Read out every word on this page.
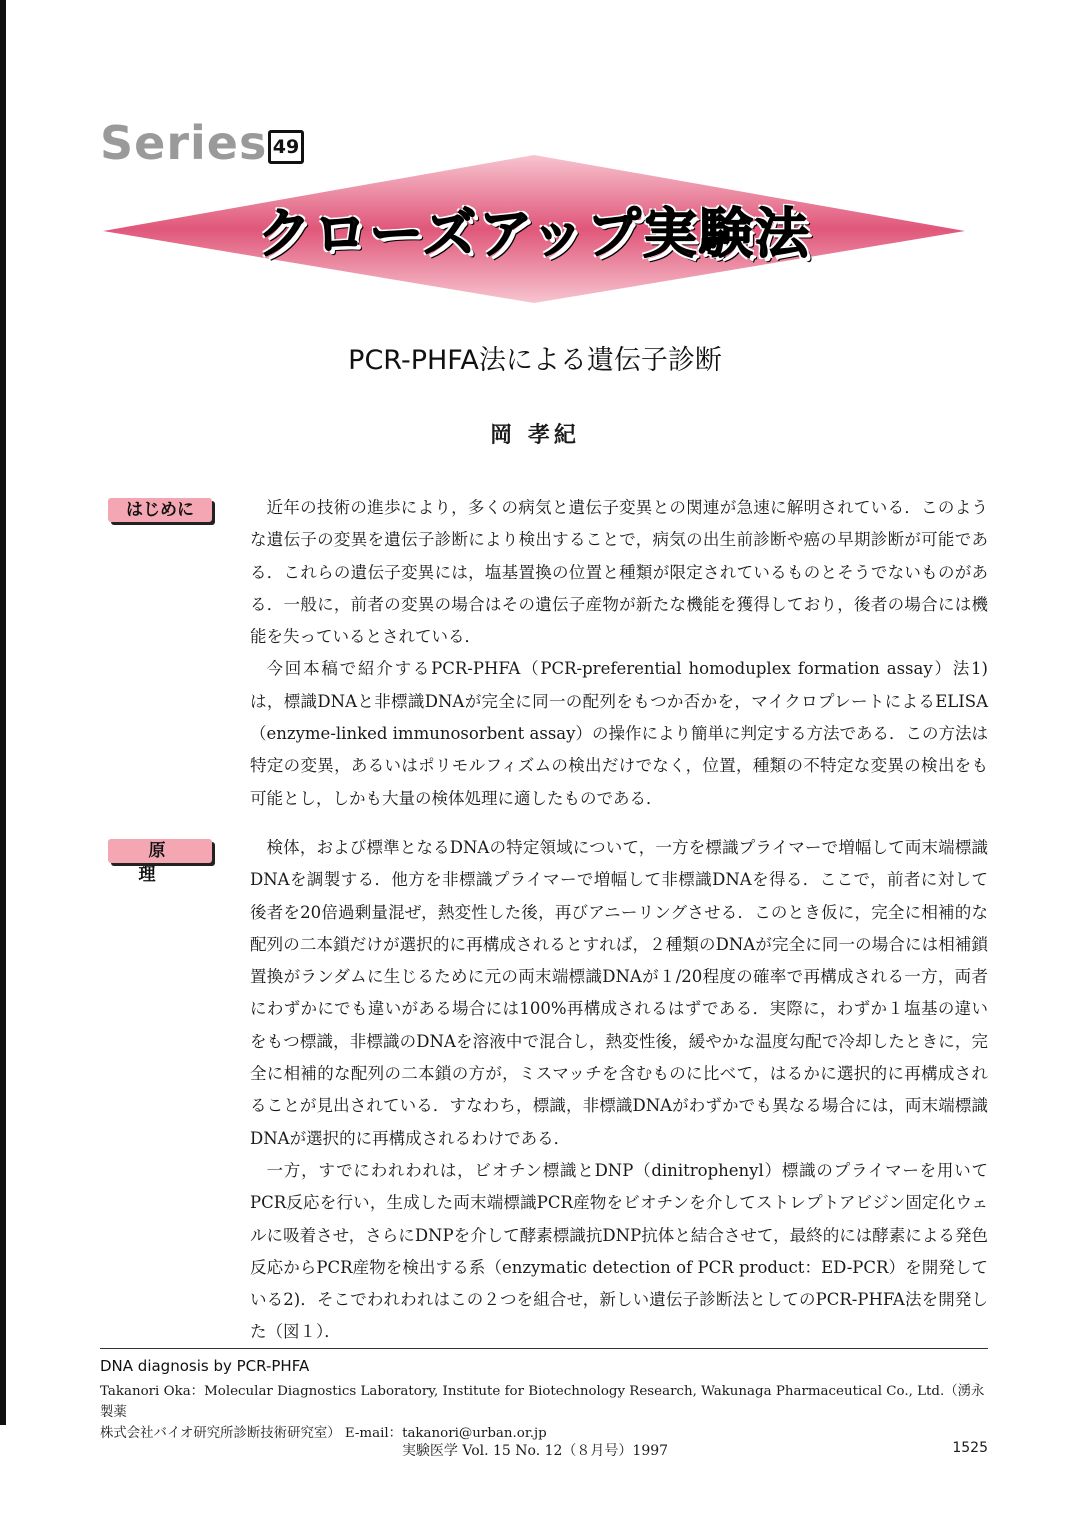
Series 49
クローズアップ実験法
PCR-PHFA法による遺伝子診断
岡 孝紀
はじめに	近年の技術の進歩により，多くの病気と遺伝子変異との関連が急速に解明されている．このような遺伝子の変異を遺伝子診断により検出することで，病気の出生前診断や癌の早期診断が可能である．これらの遺伝子変異には，塩基置換の位置と種類が限定されているものとそうでないものがある．一般に，前者の変異の場合はその遺伝子産物が新たな機能を獲得しており，後者の場合には機能を失っているとされている．

今回本稿で紹介するPCR-PHFA（PCR-preferential homoduplex formation assay）法1)は，標識DNAと非標識DNAが完全に同一の配列をもつか否かを，マイクロプレートによるELISA（enzyme-linked immunosorbent assay）の操作により簡単に判定する方法である．この方法は特定の変異，あるいはポリモルフィズムの検出だけでなく，位置，種類の不特定な変異の検出をも可能とし，しかも大量の検体処理に適したものである．

原理

検体，および標準となるDNAの特定領域について，一方を標識プライマーで増幅して両末端標識DNAを調製する．他方を非標識プライマーで増幅して非標識DNAを得る．ここで，前者に対して後者を20倍過剰量混ぜ，熱変性した後，再びアニーリングさせる．このとき仮に，完全に相補的な配列の二本鎖だけが選択的に再構成されるとすれば，２種類のDNAが完全に同一の場合には相補鎖置換がランダムに生じるために元の両末端標識DNAが１/20程度の確率で再構成される一方，両者にわずかにでも違いがある場合には100%再構成されるはずである．実際に，わずか１塩基の違いをもつ標識，非標識のDNAを溶液中で混合し，熱変性後，緩やかな温度勾配で冷却したときに，完全に相補的な配列の二本鎖の方が，ミスマッチを含むものに比べて，はるかに選択的に再構成されることが見出されている．すなわち，標識，非標識DNAがわずかでも異なる場合には，両末端標識DNAが選択的に再構成されるわけである．

一方，すでにわれわれは，ビオチン標識とDNP（dinitrophenyl）標識のプライマーを用いてPCR反応を行い，生成した両末端標識PCR産物をビオチンを介してストレプトアビジン固定化ウェルに吸着させ，さらにDNPを介して酵素標識抗DNP抗体と結合させて，最終的には酵素による発色反応からPCR産物を検出する系（enzymatic detection of PCR product：ED-PCR）を開発している2)．そこでわれわれはこの２つを組合せ，新しい遺伝子診断法としてのPCR-PHFA法を開発した（図１）．

DNA diagnosis by PCR-PHFA
Takanori Oka：Molecular Diagnostics Laboratory, Institute for Biotechnology Research, Wakunaga Pharmaceutical Co., Ltd.（湧永製薬
株式会社バイオ研究所診断技術研究室） E-mail：takanori@urban.or.jp
実験医学 Vol. 15 No. 12（８月号）1997	1525
